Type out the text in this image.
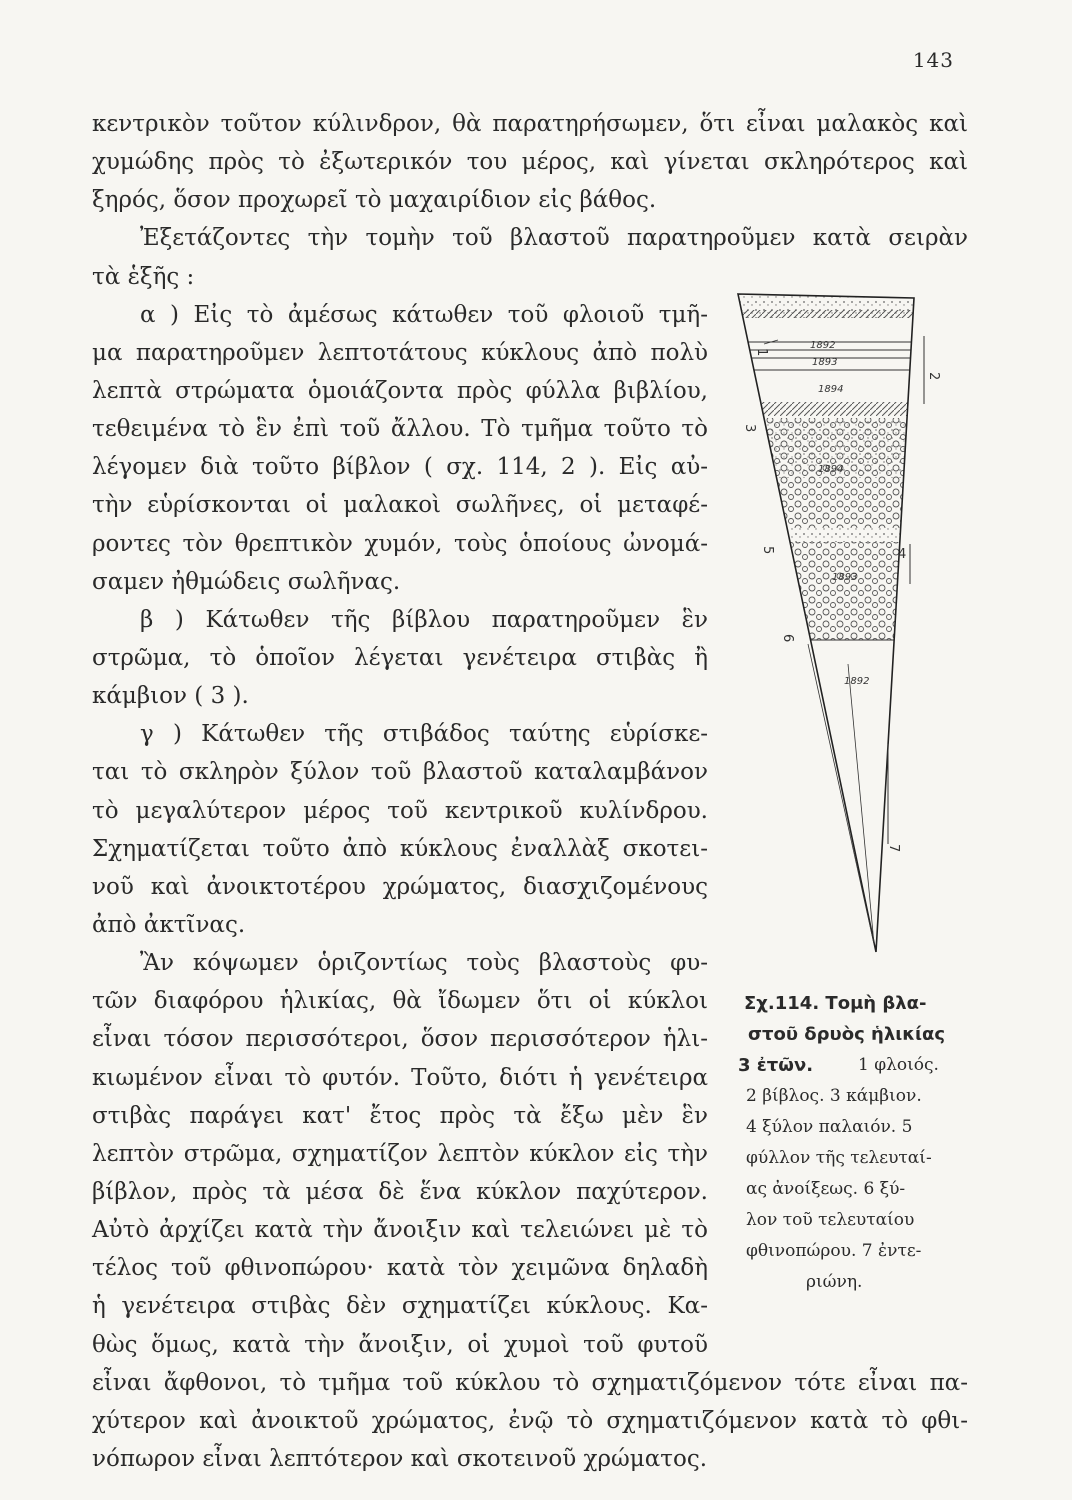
143
κεντρικὸν τοῦτον κύλινδρον, θὰ παρατηρήσωμεν, ὅτι εἶναι μαλακὸς καὶ
χυμώδης πρὸς τὸ ἐξωτερικόν του μέρος, καὶ γίνεται σκληρότερος καὶ
ξηρός, ὅσον προχωρεῖ τὸ μαχαιρίδιον εἰς βάθος.
Ἐξετάζοντες τὴν τομὴν τοῦ βλαστοῦ παρατηροῦμεν κατὰ σειρὰν
τὰ ἑξῆς :
α ) Εἰς τὸ ἀμέσως κάτωθεν τοῦ φλοιοῦ τμῆ-
μα παρατηροῦμεν λεπτοτάτους κύκλους ἀπὸ πολὺ
λεπτὰ στρώματα ὁμοιάζοντα πρὸς φύλλα βιβλίου,
τεθειμένα τὸ ἓν ἐπὶ τοῦ ἄλλου. Τὸ τμῆμα τοῦτο τὸ
λέγομεν διὰ τοῦτο βίβλον ( σχ. 114, 2 ). Εἰς αὐ-
τὴν εὑρίσκονται οἱ μαλακοὶ σωλῆνες, οἱ μεταφέ-
ροντες τὸν θρεπτικὸν χυμόν, τοὺς ὁποίους ὠνομά-
σαμεν ἠθμώδεις σωλῆνας.
β ) Κάτωθεν τῆς βίβλου παρατηροῦμεν ἓν
στρῶμα, τὸ ὁποῖον λέγεται γενέτειρα στιβὰς ἢ
κάμβιον ( 3 ).
γ ) Κάτωθεν τῆς στιβάδος ταύτης εὑρίσκε-
ται τὸ σκληρὸν ξύλον τοῦ βλαστοῦ καταλαμβάνον
τὸ μεγαλύτερον μέρος τοῦ κεντρικοῦ κυλίνδρου.
Σχηματίζεται τοῦτο ἀπὸ κύκλους ἐναλλὰξ σκοτει-
νοῦ καὶ ἀνοικτοτέρου χρώματος, διασχιζομένους
ἀπὸ ἀκτῖνας.
Ἂν κόψωμεν ὁριζοντίως τοὺς βλαστοὺς φυ-
τῶν διαφόρου ἡλικίας, θὰ ἴδωμεν ὅτι οἱ κύκλοι
εἶναι τόσον περισσότεροι, ὅσον περισσότερον ἡλι-
κιωμένον εἶναι τὸ φυτόν. Τοῦτο, διότι ἡ γενέτειρα
στιβὰς παράγει κατ' ἔτος πρὸς τὰ ἔξω μὲν ἓν
λεπτὸν στρῶμα, σχηματίζον λεπτὸν κύκλον εἰς τὴν
βίβλον, πρὸς τὰ μέσα δὲ ἕνα κύκλον παχύτερον.
Αὐτὸ ἀρχίζει κατὰ τὴν ἄνοιξιν καὶ τελειώνει μὲ τὸ
τέλος τοῦ φθινοπώρου· κατὰ τὸν χειμῶνα δηλαδὴ
ἡ γενέτειρα στιβὰς δὲν σχηματίζει κύκλους. Κα-
θὼς ὅμως, κατὰ τὴν ἄνοιξιν, οἱ χυμοὶ τοῦ φυτοῦ
εἶναι ἄφθονοι, τὸ τμῆμα τοῦ κύκλου τὸ σχηματιζόμενον τότε εἶναι πα-
χύτερον καὶ ἀνοικτοῦ χρώματος, ἐνῷ τὸ σχηματιζόμενον κατὰ τὸ φθι-
νόπωρον εἶναι λεπτότερον καὶ σκοτεινοῦ χρώματος.
1892
1893
1894
1894
1893
1892
1
2
3
4
5
6
7
Σχ.114. Τομὴ βλα-
στοῦ δρυὸς ἡλικίας
3 ἐτῶν.	1 φλοιός.
2 βίβλος. 3 κάμβιον.
4 ξύλον παλαιόν. 5
φύλλον τῆς τελευταί-
ας ἀνοίξεως. 6 ξύ-
λον τοῦ τελευταίου
φθινοπώρου. 7 ἐντε-
ριώνη.
